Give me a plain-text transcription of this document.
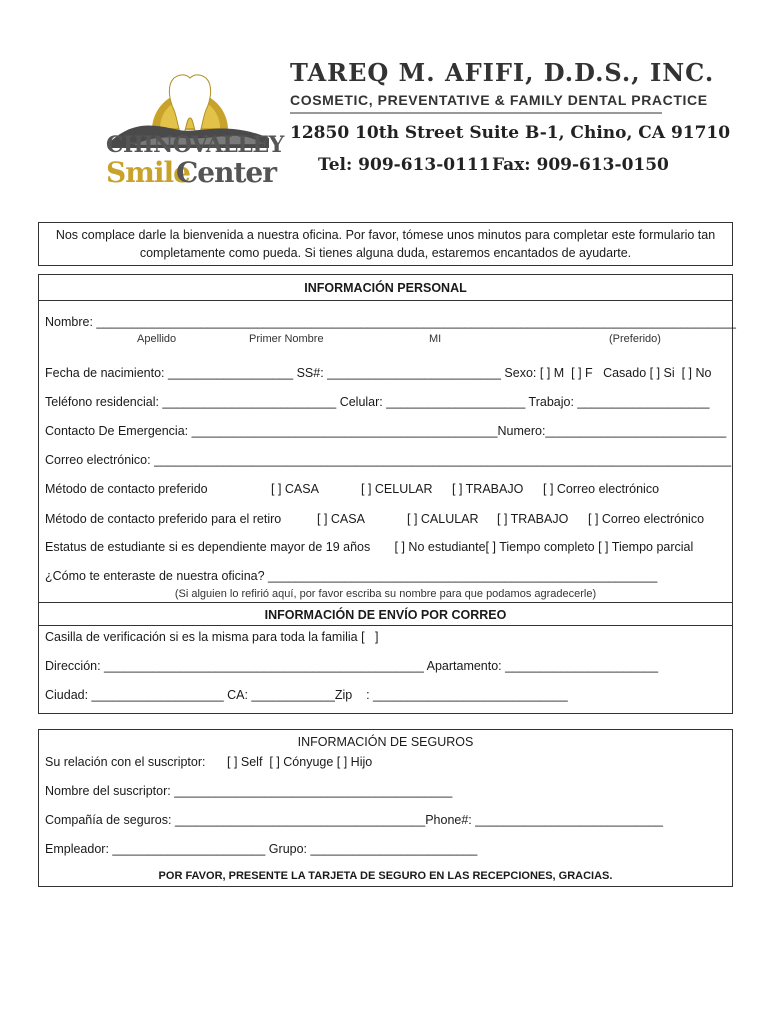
CHINOVALLEY

Smile

Center

TAREQ M. AFIFI, D.D.S., INC.
COSMETIC, PREVENTATIVE & FAMILY DENTAL PRACTICE
12850 10th Street Suite B-1, Chino, CA 91710
Tel: 909-613-0111 Fax: 909-613-0150
Nos complace darle la bienvenida a nuestra oficina. Por favor, tómese unos minutos para completar este formulario tan
completamente como pueda. Si tienes alguna duda, estaremos encantados de ayudarte.
INFORMACIÓN PERSONAL
Nombre: ____________________________________________________________________________________________
Apellido	Primer Nombre	MI	(Preferido)
Fecha de nacimiento: __________________ SS#: _________________________ Sexo: [ ] M  [ ] F   Casado [ ] Si  [ ] No
Teléfono residencial: _________________________ Celular: ____________________ Trabajo: ___________________
Contacto De Emergencia: ____________________________________________Numero:__________________________
Correo electrónico: ___________________________________________________________________________________
Método de contacto preferido	[ ] CASA	[ ] CELULAR [ ] TRABAJO [ ] Correo electrónico
Método de contacto preferido para el retiro	[ ] CASA	[ ] CALULAR [ ] TRABAJO [ ] Correo electrónico
Estatus de estudiante si es dependiente mayor de 19 años       [ ] No estudiante[ ] Tiempo completo [ ] Tiempo parcial
¿Cómo te enteraste de nuestra oficina? ________________________________________________________
(Si alguien lo refirió aquí, por favor escriba su nombre para que podamos agradecerle)
INFORMACIÓN DE ENVÍO POR CORREO
Casilla de verificación si es la misma para toda la familia [   ]
Dirección: ______________________________________________ Apartamento: ______________________
Ciudad: ___________________ CA: ____________Zip    : ____________________________
INFORMACIÓN DE SEGUROS
Su relación con el suscriptor: [ ] Self  [ ] Cónyuge [ ] Hijo
Nombre del suscriptor: ________________________________________
Compañía de seguros: ____________________________________Phone#: ___________________________
Empleador: ______________________ Grupo: ________________________
POR FAVOR, PRESENTE LA TARJETA DE SEGURO EN LAS RECEPCIONES, GRACIAS.
